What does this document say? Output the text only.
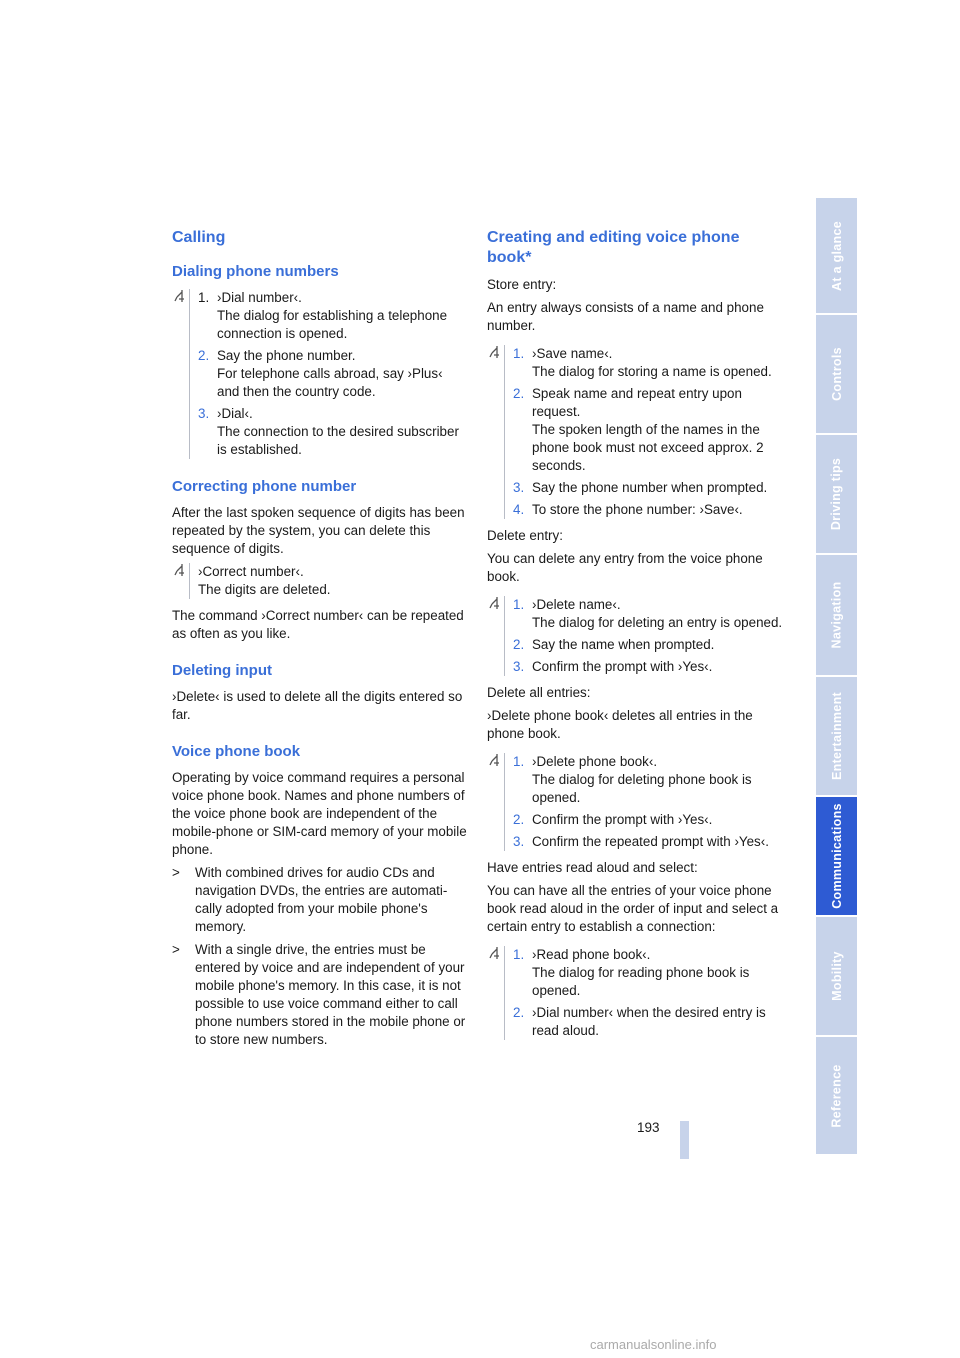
Calling
Dialing phone numbers
1. ›Dial number‹.
The dialog for establishing a telephone connection is opened.
2. Say the phone number.
For telephone calls abroad, say ›Plus‹ and then the country code.
3. ›Dial‹.
The connection to the desired subscriber is established.
Correcting phone number

After the last spoken sequence of digits has been repeated by the system, you can delete this sequence of digits.

›Correct number‹.
The digits are deleted.

The command ›Correct number‹ can be repeated as often as you like.

Deleting input

›Delete‹ is used to delete all the digits entered so far.

Voice phone book

Operating by voice command requires a personal voice phone book. Names and phone numbers of the voice phone book are independent of the mobile-phone or SIM-card memory of your mobile phone.

>	With combined drives for audio CDs and navigation DVDs, the entries are automatically adopted from your mobile phone's memory.
>	With a single drive, the entries must be entered by voice and are independent of your mobile phone's memory. In this case, it is not possible to use voice command either to call phone numbers stored in the mobile phone or to store new numbers.
Creating and editing voice phone book*

Store entry:

An entry always consists of a name and phone number.

1. ›Save name‹.
The dialog for storing a name is opened.
2. Speak name and repeat entry upon request.
The spoken length of the names in the phone book must not exceed approx. 2 seconds.
3. Say the phone number when prompted.
4. To store the phone number: ›Save‹.

Delete entry:

You can delete any entry from the voice phone book.

1. ›Delete name‹.
The dialog for deleting an entry is opened.
2. Say the name when prompted.
3. Confirm the prompt with ›Yes‹.

Delete all entries:

›Delete phone book‹ deletes all entries in the phone book.

1. ›Delete phone book‹.
The dialog for deleting phone book is opened.
2. Confirm the prompt with ›Yes‹.
3. Confirm the repeated prompt with ›Yes‹.

Have entries read aloud and select:

You can have all the entries of your voice phone book read aloud in the order of input and select a certain entry to establish a connection:

1. ›Read phone book‹.
The dialog for reading phone book is opened.
2. ›Dial number‹ when the desired entry is read aloud.
At a glance
Controls
Driving tips
Navigation
Entertainment
Communications
Mobility
Reference
193
carmanualsonline.info
